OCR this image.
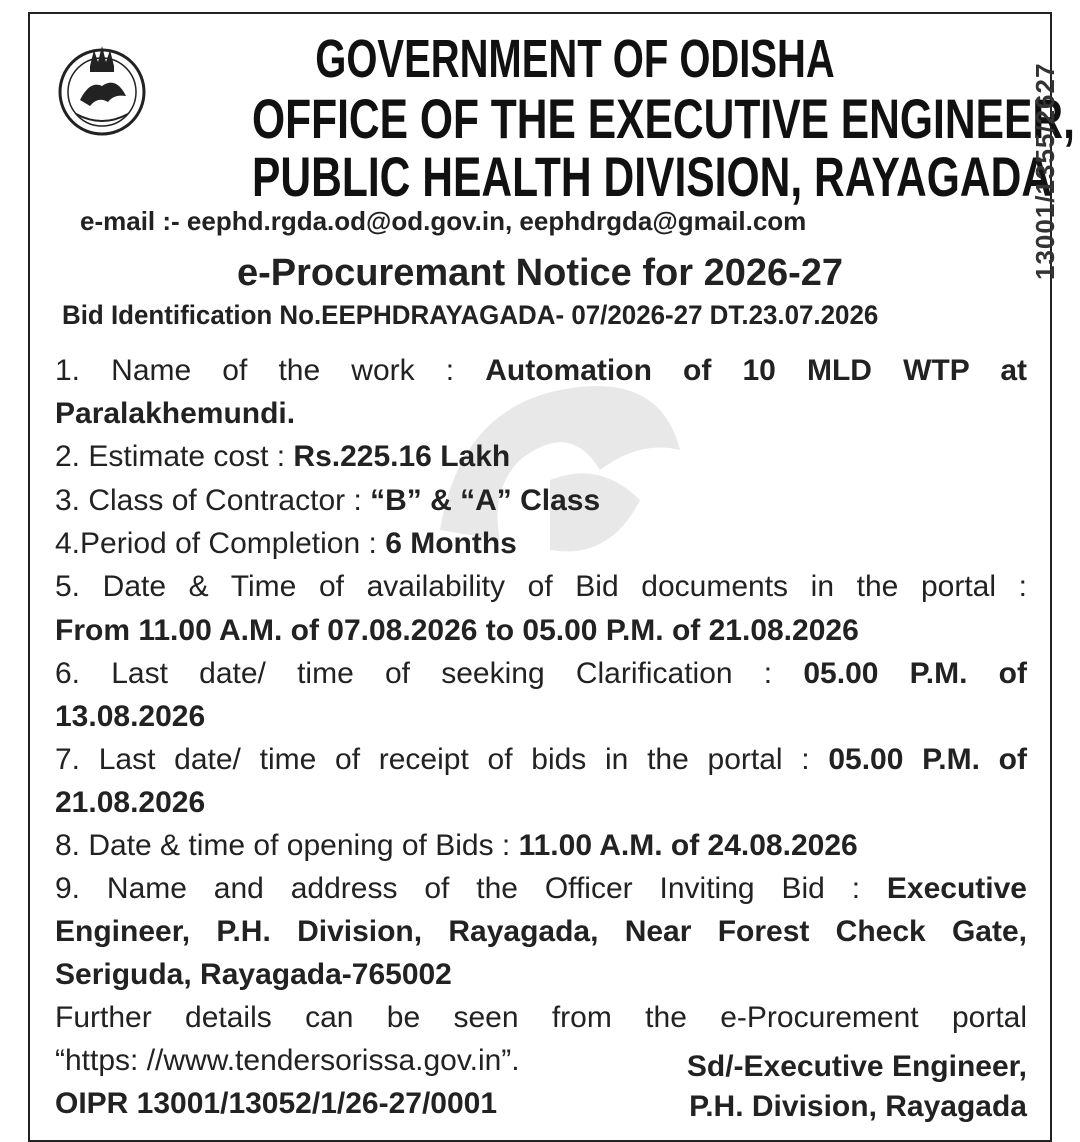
GOVERNMENT OF ODISHA
OFFICE OF THE EXECUTIVE ENGINEER,
PUBLIC HEALTH DIVISION, RAYAGADA
13001/1355/2627
e-mail :- eephd.rgda.od@od.gov.in, eephdrgda@gmail.com
e-Procuremant Notice for 2026-27
Bid Identification No.EEPHDRAYAGADA- 07/2026-27 DT.23.07.2026
1. Name of the work : Automation of 10 MLD WTP at
Paralakhemundi.
2. Estimate cost : Rs.225.16 Lakh
3. Class of Contractor : “B” & “A” Class
4.Period of Completion : 6 Months
5. Date & Time of availability of Bid documents in the portal :
From 11.00 A.M. of 07.08.2026 to 05.00 P.M. of 21.08.2026
6. Last date/ time of seeking Clarification : 05.00 P.M. of
13.08.2026
7. Last date/ time of receipt of bids in the portal : 05.00 P.M. of
21.08.2026
8. Date & time of opening of Bids : 11.00 A.M. of 24.08.2026
9. Name and address of the Officer Inviting Bid : Executive
Engineer, P.H. Division, Rayagada, Near Forest Check Gate,
Seriguda, Rayagada-765002
Further details can be seen from the e-Procurement portal
“https: //www.tendersorissa.gov.in”.
OIPR 13001/13052/1/26-27/0001
Sd/-Executive Engineer,
P.H. Division, Rayagada
